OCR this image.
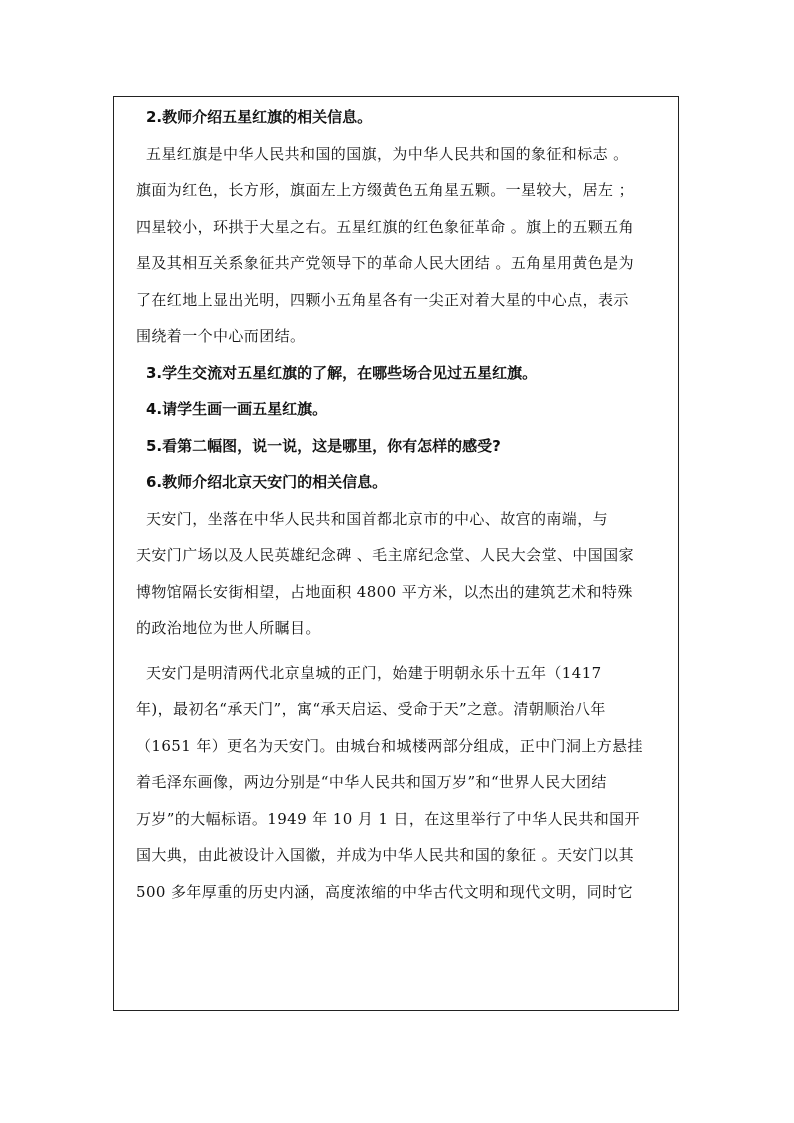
2.教师介绍五星红旗的相关信息。
五星红旗是中华人民共和国的国旗，为中华人民共和国的象征和标志 。
旗面为红色，长方形，旗面左上方缀黄色五角星五颗。一星较大，居左 ；
四星较小，环拱于大星之右。五星红旗的红色象征革命 。旗上的五颗五角
星及其相互关系象征共产党领导下的革命人民大团结 。五角星用黄色是为
了在红地上显出光明，四颗小五角星各有一尖正对着大星的中心点，表示
围绕着一个中心而团结。
3.学生交流对五星红旗的了解，在哪些场合见过五星红旗。
4.请学生画一画五星红旗。
5.看第二幅图，说一说，这是哪里，你有怎样的感受?
6.教师介绍北京天安门的相关信息。
天安门，坐落在中华人民共和国首都北京市的中心、故宫的南端，与
天安门广场以及人民英雄纪念碑 、毛主席纪念堂、人民大会堂、中国国家
博物馆隔长安街相望，占地面积 4800 平方米，以杰出的建筑艺术和特殊
的政治地位为世人所瞩目。
天安门是明清两代北京皇城的正门，始建于明朝永乐十五年（1417
年)，最初名“承天门”，寓“承天启运、受命于天”之意。清朝顺治八年
（1651 年）更名为天安门。由城台和城楼两部分组成，正中门洞上方悬挂
着毛泽东画像，两边分别是“中华人民共和国万岁”和“世界人民大团结
万岁”的大幅标语。1949 年 10 月 1 日，在这里举行了中华人民共和国开
国大典，由此被设计入国徽，并成为中华人民共和国的象征 。天安门以其
500 多年厚重的历史内涵，高度浓缩的中华古代文明和现代文明，同时它
